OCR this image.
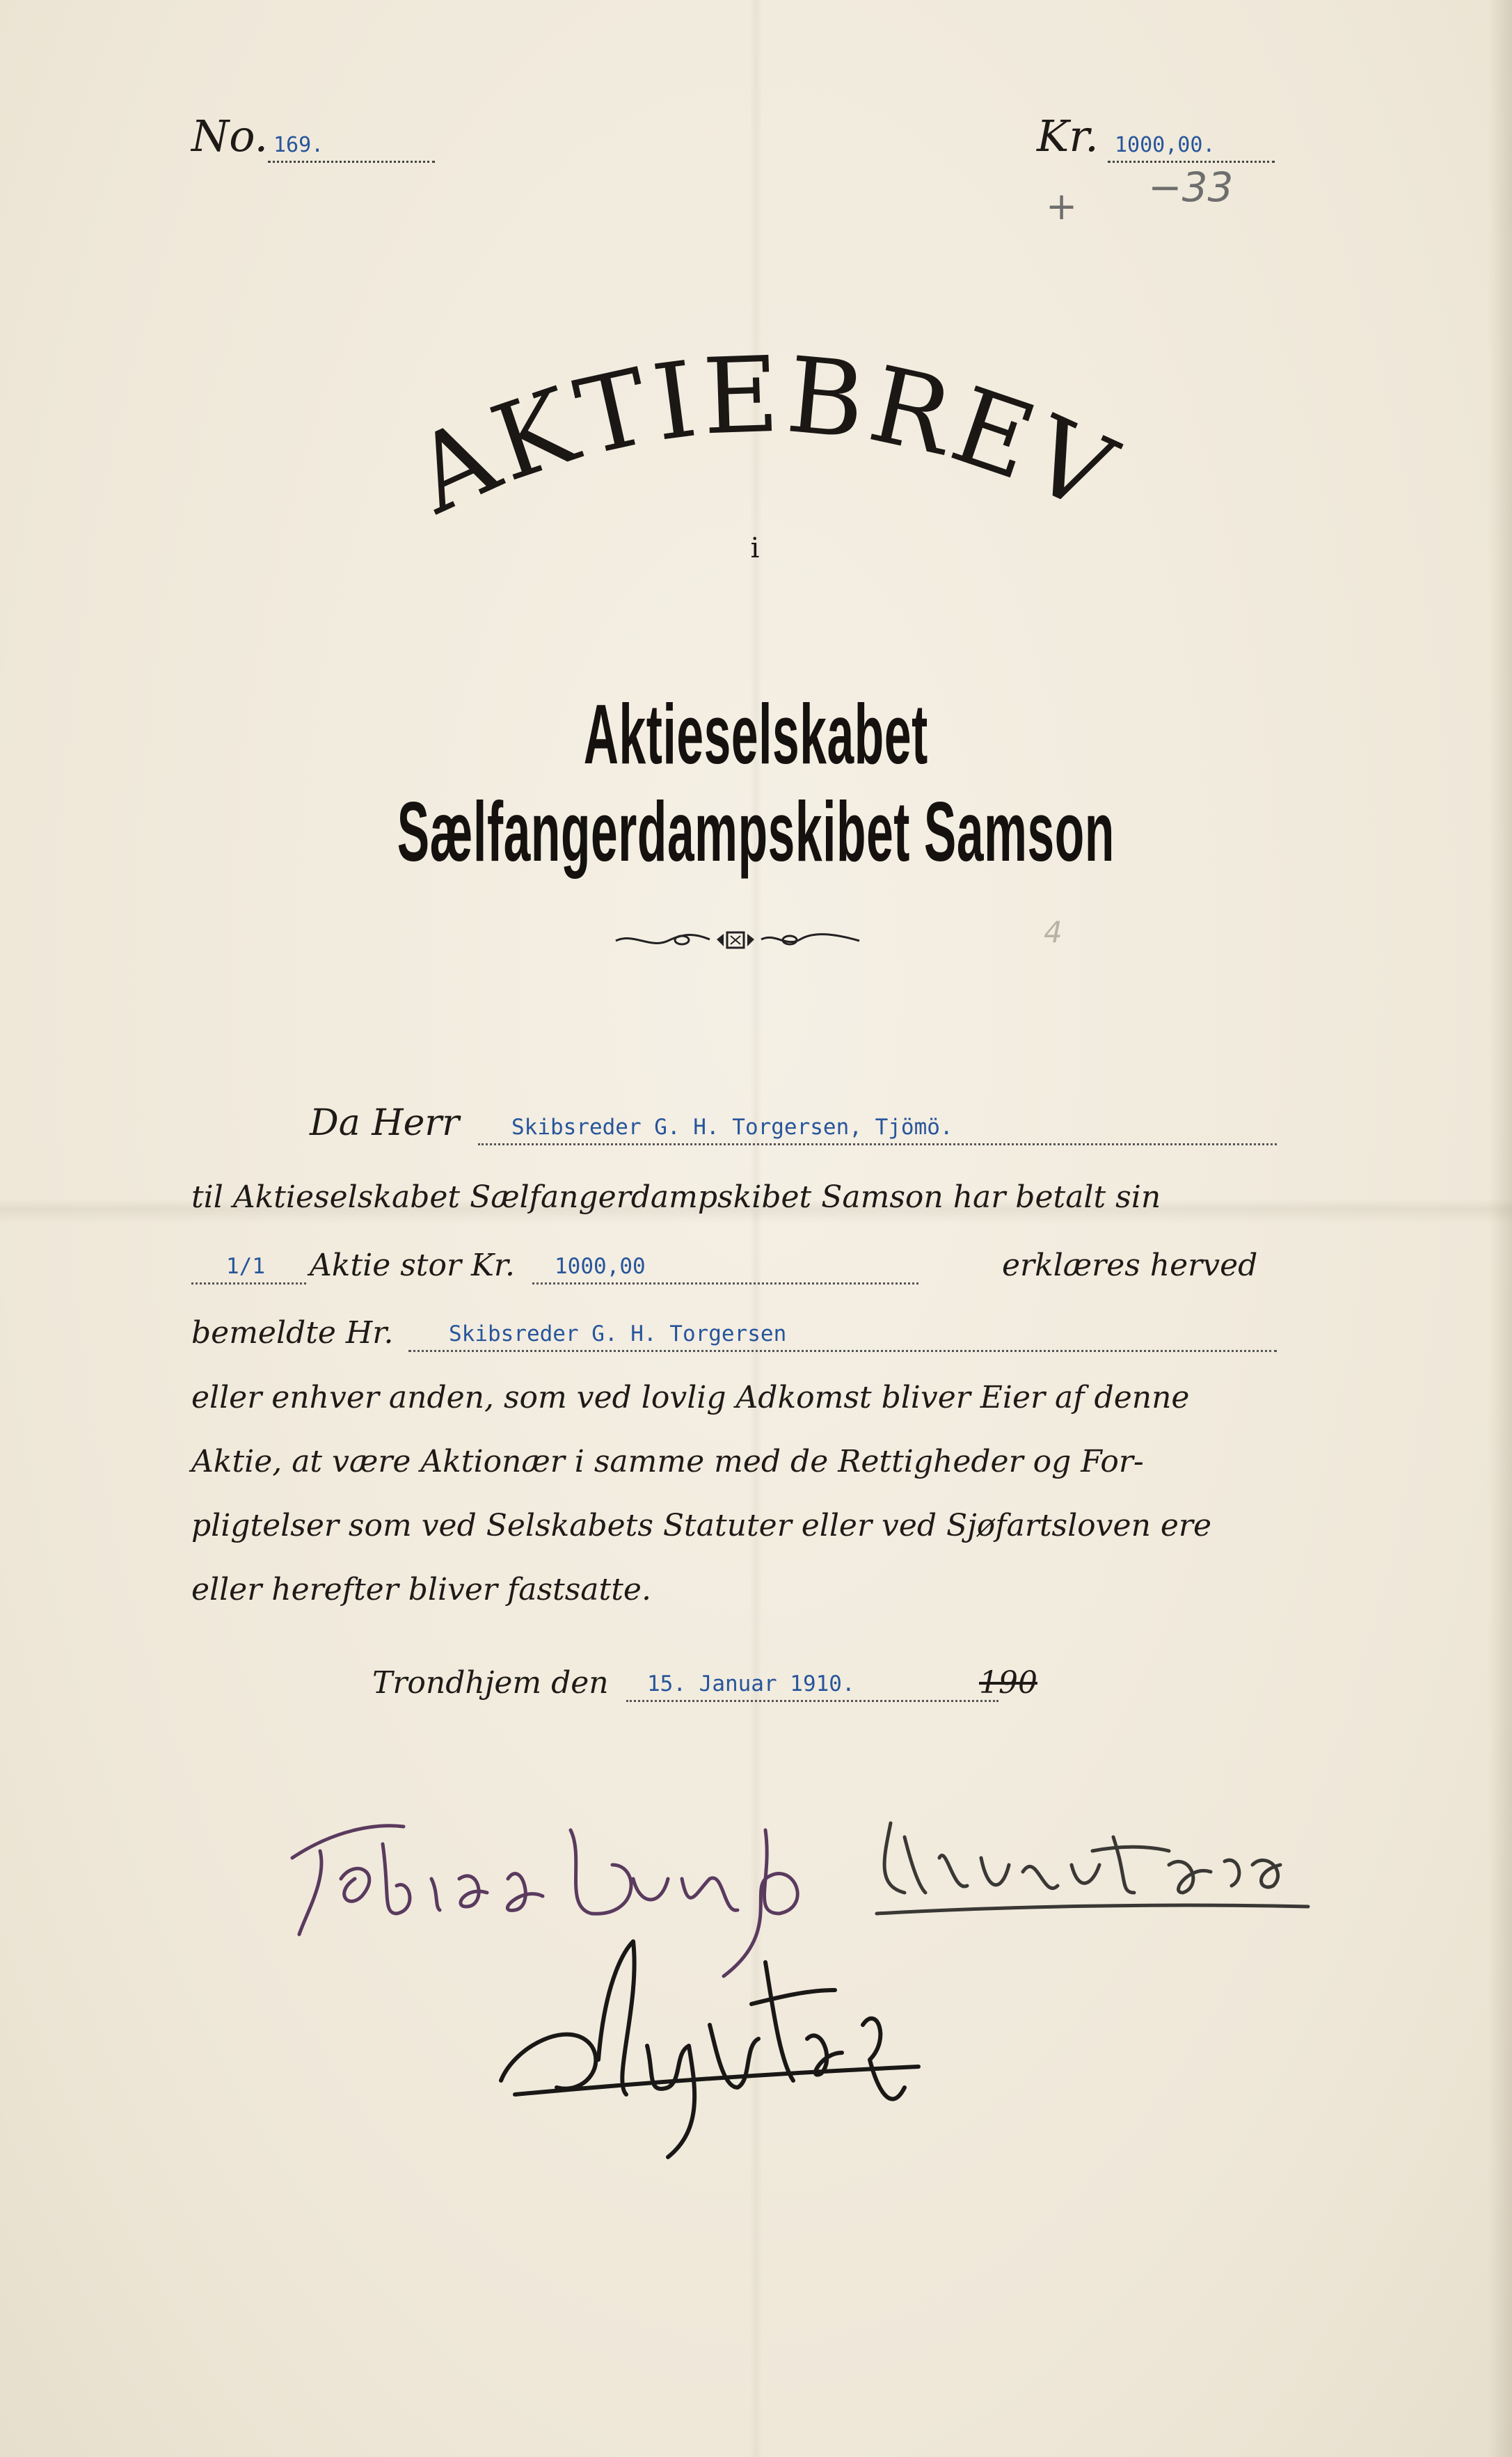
No. 169.	Kr. 1000,00.
+ −33
4
AKTIEBREV
i
Aktieselskabet Sælfangerdampskibet Samson
Da Herr Skibsreder G. H. Torgersen, Tjömö.
til Aktieselskabet Sælfangerdampskibet Samson har betalt sin
1/1 Aktie stor Kr. 1000,00	erklæres herved
bemeldte Hr.	Skibsreder G. H. Torgersen
eller enhver anden, som ved lovlig Adkomst bliver Eier af denne
Aktie, at være Aktionær i samme med de Rettigheder og For-
pligtelser som ved Selskabets Statuter eller ved Sjøfartsloven ere
eller herefter bliver fastsatte.
Trondhjem den 15. Januar 1910.	190
